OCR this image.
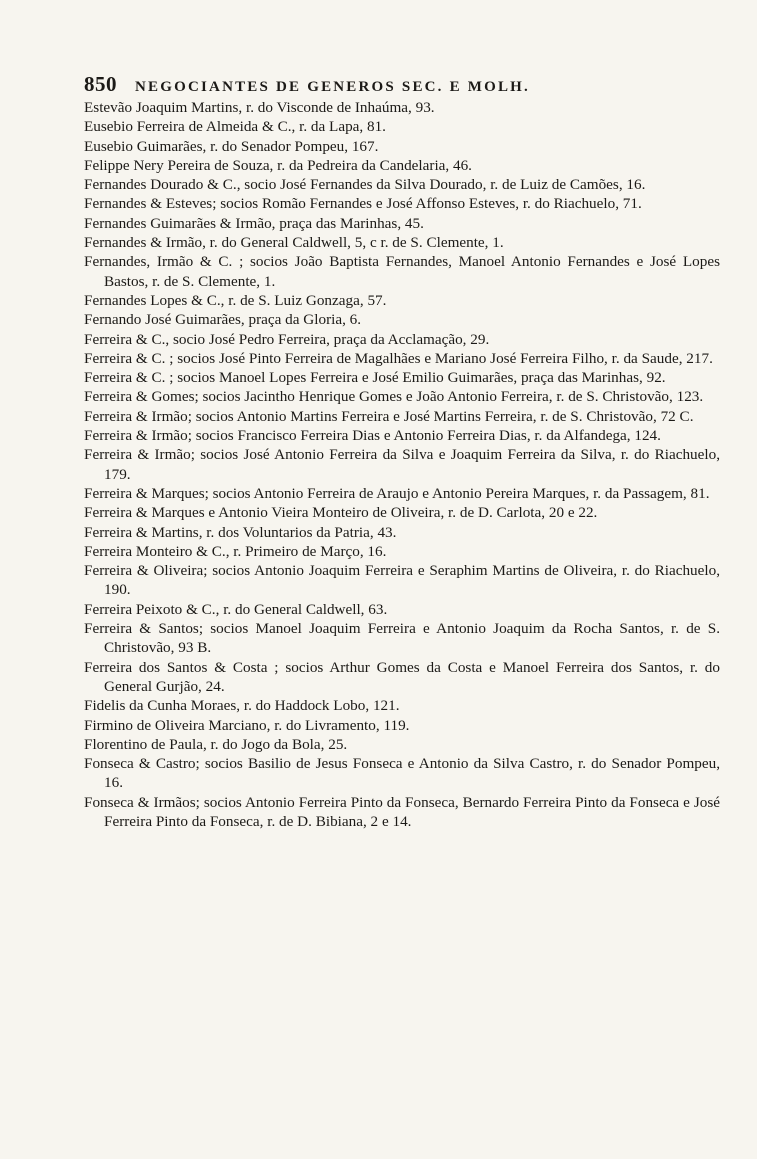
850 NEGOCIANTES DE GENEROS SEC. E MOLH.
Estevão Joaquim Martins, r. do Visconde de Inhaúma, 93.
Eusebio Ferreira de Almeida & C., r. da Lapa, 81.
Eusebio Guimarães, r. do Senador Pompeu, 167.
Felippe Nery Pereira de Souza, r. da Pedreira da Candelaria, 46.
Fernandes Dourado & C., socio José Fernandes da Silva Dourado, r. de Luiz de Camões, 16.
Fernandes & Esteves; socios Romão Fernandes e José Affonso Esteves, r. do Riachuelo, 71.
Fernandes Guimarães & Irmão, praça das Marinhas, 45.
Fernandes & Irmão, r. do General Caldwell, 5, c r. de S. Clemente, 1.
Fernandes, Irmão & C. ; socios João Baptista Fernandes, Manoel Antonio Fernandes e José Lopes Bastos, r. de S. Clemente, 1.
Fernandes Lopes & C., r. de S. Luiz Gonzaga, 57.
Fernando José Guimarães, praça da Gloria, 6.
Ferreira & C., socio José Pedro Ferreira, praça da Acclamação, 29.
Ferreira & C. ; socios José Pinto Ferreira de Magalhães e Mariano José Ferreira Filho, r. da Saude, 217.
Ferreira & C. ; socios Manoel Lopes Ferreira e José Emilio Guimarães, praça das Marinhas, 92.
Ferreira & Gomes; socios Jacintho Henrique Gomes e João Antonio Ferreira, r. de S. Christovão, 123.
Ferreira & Irmão; socios Antonio Martins Ferreira e José Martins Ferreira, r. de S. Christovão, 72 C.
Ferreira & Irmão; socios Francisco Ferreira Dias e Antonio Ferreira Dias, r. da Alfandega, 124.
Ferreira & Irmão; socios José Antonio Ferreira da Silva e Joaquim Ferreira da Silva, r. do Riachuelo, 179.
Ferreira & Marques; socios Antonio Ferreira de Araujo e Antonio Pereira Marques, r. da Passagem, 81.
Ferreira & Marques e Antonio Vieira Monteiro de Oliveira, r. de D. Carlota, 20 e 22.
Ferreira & Martins, r. dos Voluntarios da Patria, 43.
Ferreira Monteiro & C., r. Primeiro de Março, 16.
Ferreira & Oliveira; socios Antonio Joaquim Ferreira e Seraphim Martins de Oliveira, r. do Riachuelo, 190.
Ferreira Peixoto & C., r. do General Caldwell, 63.
Ferreira & Santos; socios Manoel Joaquim Ferreira e Antonio Joaquim da Rocha Santos, r. de S. Christovão, 93 B.
Ferreira dos Santos & Costa ; socios Arthur Gomes da Costa e Manoel Ferreira dos Santos, r. do General Gurjão, 24.
Fidelis da Cunha Moraes, r. do Haddock Lobo, 121.
Firmino de Oliveira Marciano, r. do Livramento, 119.
Florentino de Paula, r. do Jogo da Bola, 25.
Fonseca & Castro; socios Basilio de Jesus Fonseca e Antonio da Silva Castro, r. do Senador Pompeu, 16.
Fonseca & Irmãos; socios Antonio Ferreira Pinto da Fonseca, Bernardo Ferreira Pinto da Fonseca e José Ferreira Pinto da Fonseca, r. de D. Bibiana, 2 e 14.
